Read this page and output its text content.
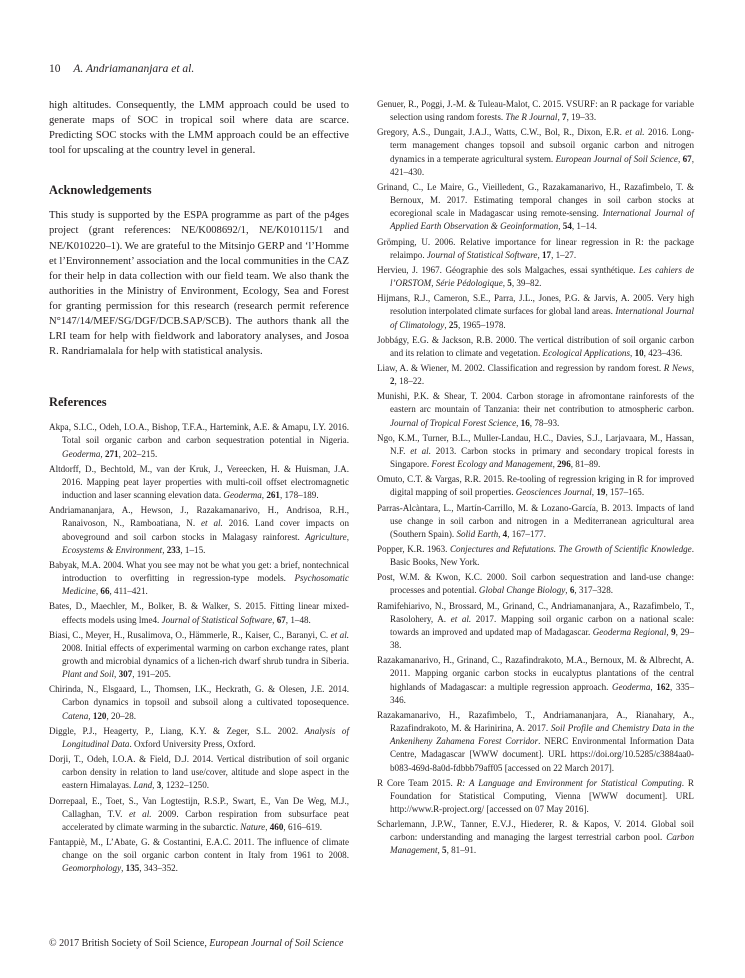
10 A. Andriamananjara et al.

high altitudes. Consequently, the LMM approach could be used to generate maps of SOC in tropical soil where data are scarce. Predicting SOC stocks with the LMM approach could be an effective tool for upscaling at the country level in general.

Acknowledgements

This study is supported by the ESPA programme as part of the p4ges project (grant references: NE/K008692/1, NE/K010115/1 and NE/K010220–1). We are grateful to the Mitsinjo GERP and ‘l’Homme et l’Environnement’ association and the local communities in the CAZ for their help in data collection with our field team. We also thank the authorities in the Ministry of Environment, Ecology, Sea and Forest for granting permission for this research (research permit reference N°147/14/MEF/SG/DGF/DCB.SAP/SCB). The authors thank all the LRI team for help with fieldwork and laboratory analyses, and Josoa R. Randriamalala for help with statistical analysis.

References

Akpa, S.I.C., Odeh, I.O.A., Bishop, T.F.A., Hartemink, A.E. & Amapu, I.Y. 2016. Total soil organic carbon and carbon sequestration potential in Nigeria. Geoderma, 271, 202–215.

Altdorff, D., Bechtold, M., van der Kruk, J., Vereecken, H. & Huisman, J.A. 2016. Mapping peat layer properties with multi-coil offset electromagnetic induction and laser scanning elevation data. Geoderma, 261, 178–189.

Andriamananjara, A., Hewson, J., Razakamanarivo, H., Andrisoa, R.H., Ranaivoson, N., Ramboatiana, N. et al. 2016. Land cover impacts on aboveground and soil carbon stocks in Malagasy rainforest. Agriculture, Ecosystems & Environment, 233, 1–15.

Babyak, M.A. 2004. What you see may not be what you get: a brief, nontechnical introduction to overfitting in regression-type models. Psychosomatic Medicine, 66, 411–421.

Bates, D., Maechler, M., Bolker, B. & Walker, S. 2015. Fitting linear mixed-effects models using lme4. Journal of Statistical Software, 67, 1–48.

Biasi, C., Meyer, H., Rusalimova, O., Hämmerle, R., Kaiser, C., Baranyi, C. et al. 2008. Initial effects of experimental warming on carbon exchange rates, plant growth and microbial dynamics of a lichen-rich dwarf shrub tundra in Siberia. Plant and Soil, 307, 191–205.

Chirinda, N., Elsgaard, L., Thomsen, I.K., Heckrath, G. & Olesen, J.E. 2014. Carbon dynamics in topsoil and subsoil along a cultivated toposequence. Catena, 120, 20–28.

Diggle, P.J., Heagerty, P., Liang, K.Y. & Zeger, S.L. 2002. Analysis of Longitudinal Data. Oxford University Press, Oxford.

Dorji, T., Odeh, I.O.A. & Field, D.J. 2014. Vertical distribution of soil organic carbon density in relation to land use/cover, altitude and slope aspect in the eastern Himalayas. Land, 3, 1232–1250.

Dorrepaal, E., Toet, S., Van Logtestijn, R.S.P., Swart, E., Van De Weg, M.J., Callaghan, T.V. et al. 2009. Carbon respiration from subsurface peat accelerated by climate warming in the subarctic. Nature, 460, 616–619.

Fantappiè, M., L’Abate, G. & Costantini, E.A.C. 2011. The influence of climate change on the soil organic carbon content in Italy from 1961 to 2008. Geomorphology, 135, 343–352.

Genuer, R., Poggi, J.-M. & Tuleau-Malot, C. 2015. VSURF: an R package for variable selection using random forests. The R Journal, 7, 19–33.

Gregory, A.S., Dungait, J.A.J., Watts, C.W., Bol, R., Dixon, E.R. et al. 2016. Long-term management changes topsoil and subsoil organic carbon and nitrogen dynamics in a temperate agricultural system. European Journal of Soil Science, 67, 421–430.

Grinand, C., Le Maire, G., Vieilledent, G., Razakamanarivo, H., Razafimbelo, T. & Bernoux, M. 2017. Estimating temporal changes in soil carbon stocks at ecoregional scale in Madagascar using remote-sensing. International Journal of Applied Earth Observation & Geoinformation, 54, 1–14.

Grömping, U. 2006. Relative importance for linear regression in R: the package relaimpo. Journal of Statistical Software, 17, 1–27.

Hervieu, J. 1967. Géographie des sols Malgaches, essai synthétique. Les cahiers de l’ORSTOM, Série Pédologique, 5, 39–82.

Hijmans, R.J., Cameron, S.E., Parra, J.L., Jones, P.G. & Jarvis, A. 2005. Very high resolution interpolated climate surfaces for global land areas. International Journal of Climatology, 25, 1965–1978.

Jobbágy, E.G. & Jackson, R.B. 2000. The vertical distribution of soil organic carbon and its relation to climate and vegetation. Ecological Applications, 10, 423–436.

Liaw, A. & Wiener, M. 2002. Classification and regression by random forest. R News, 2, 18–22.

Munishi, P.K. & Shear, T. 2004. Carbon storage in afromontane rainforests of the eastern arc mountain of Tanzania: their net contribution to atmospheric carbon. Journal of Tropical Forest Science, 16, 78–93.

Ngo, K.M., Turner, B.L., Muller-Landau, H.C., Davies, S.J., Larjavaara, M., Hassan, N.F. et al. 2013. Carbon stocks in primary and secondary tropical forests in Singapore. Forest Ecology and Management, 296, 81–89.

Omuto, C.T. & Vargas, R.R. 2015. Re-tooling of regression kriging in R for improved digital mapping of soil properties. Geosciences Journal, 19, 157–165.

Parras-Alcàntara, L., Martín-Carrillo, M. & Lozano-García, B. 2013. Impacts of land use change in soil carbon and nitrogen in a Mediterranean agricultural area (Southern Spain). Solid Earth, 4, 167–177.

Popper, K.R. 1963. Conjectures and Refutations. The Growth of Scientific Knowledge. Basic Books, New York.

Post, W.M. & Kwon, K.C. 2000. Soil carbon sequestration and land-use change: processes and potential. Global Change Biology, 6, 317–328.

Ramifehiarivo, N., Brossard, M., Grinand, C., Andriamananjara, A., Razafimbelo, T., Rasolohery, A. et al. 2017. Mapping soil organic carbon on a national scale: towards an improved and updated map of Madagascar. Geoderma Regional, 9, 29–38.

Razakamanarivo, H., Grinand, C., Razafindrakoto, M.A., Bernoux, M. & Albrecht, A. 2011. Mapping organic carbon stocks in eucalyptus plantations of the central highlands of Madagascar: a multiple regression approach. Geoderma, 162, 335–346.

Razakamanarivo, H., Razafimbelo, T., Andriamananjara, A., Rianahary, A., Razafindrakoto, M. & Harinirina, A. 2017. Soil Profile and Chemistry Data in the Ankeniheny Zahamena Forest Corridor. NERC Environmental Information Data Centre, Madagascar [WWW document]. URL https://doi.org/10.5285/c3884aa0-b083-469d-8a0d-fdbbb79aff05 [accessed on 22 March 2017].

R Core Team 2015. R: A Language and Environment for Statistical Computing. R Foundation for Statistical Computing, Vienna [WWW document]. URL http://www.R-project.org/ [accessed on 07 May 2016].

Scharlemann, J.P.W., Tanner, E.V.J., Hiederer, R. & Kapos, V. 2014. Global soil carbon: understanding and managing the largest terrestrial carbon pool. Carbon Management, 5, 81–91.

© 2017 British Society of Soil Science, European Journal of Soil Science
